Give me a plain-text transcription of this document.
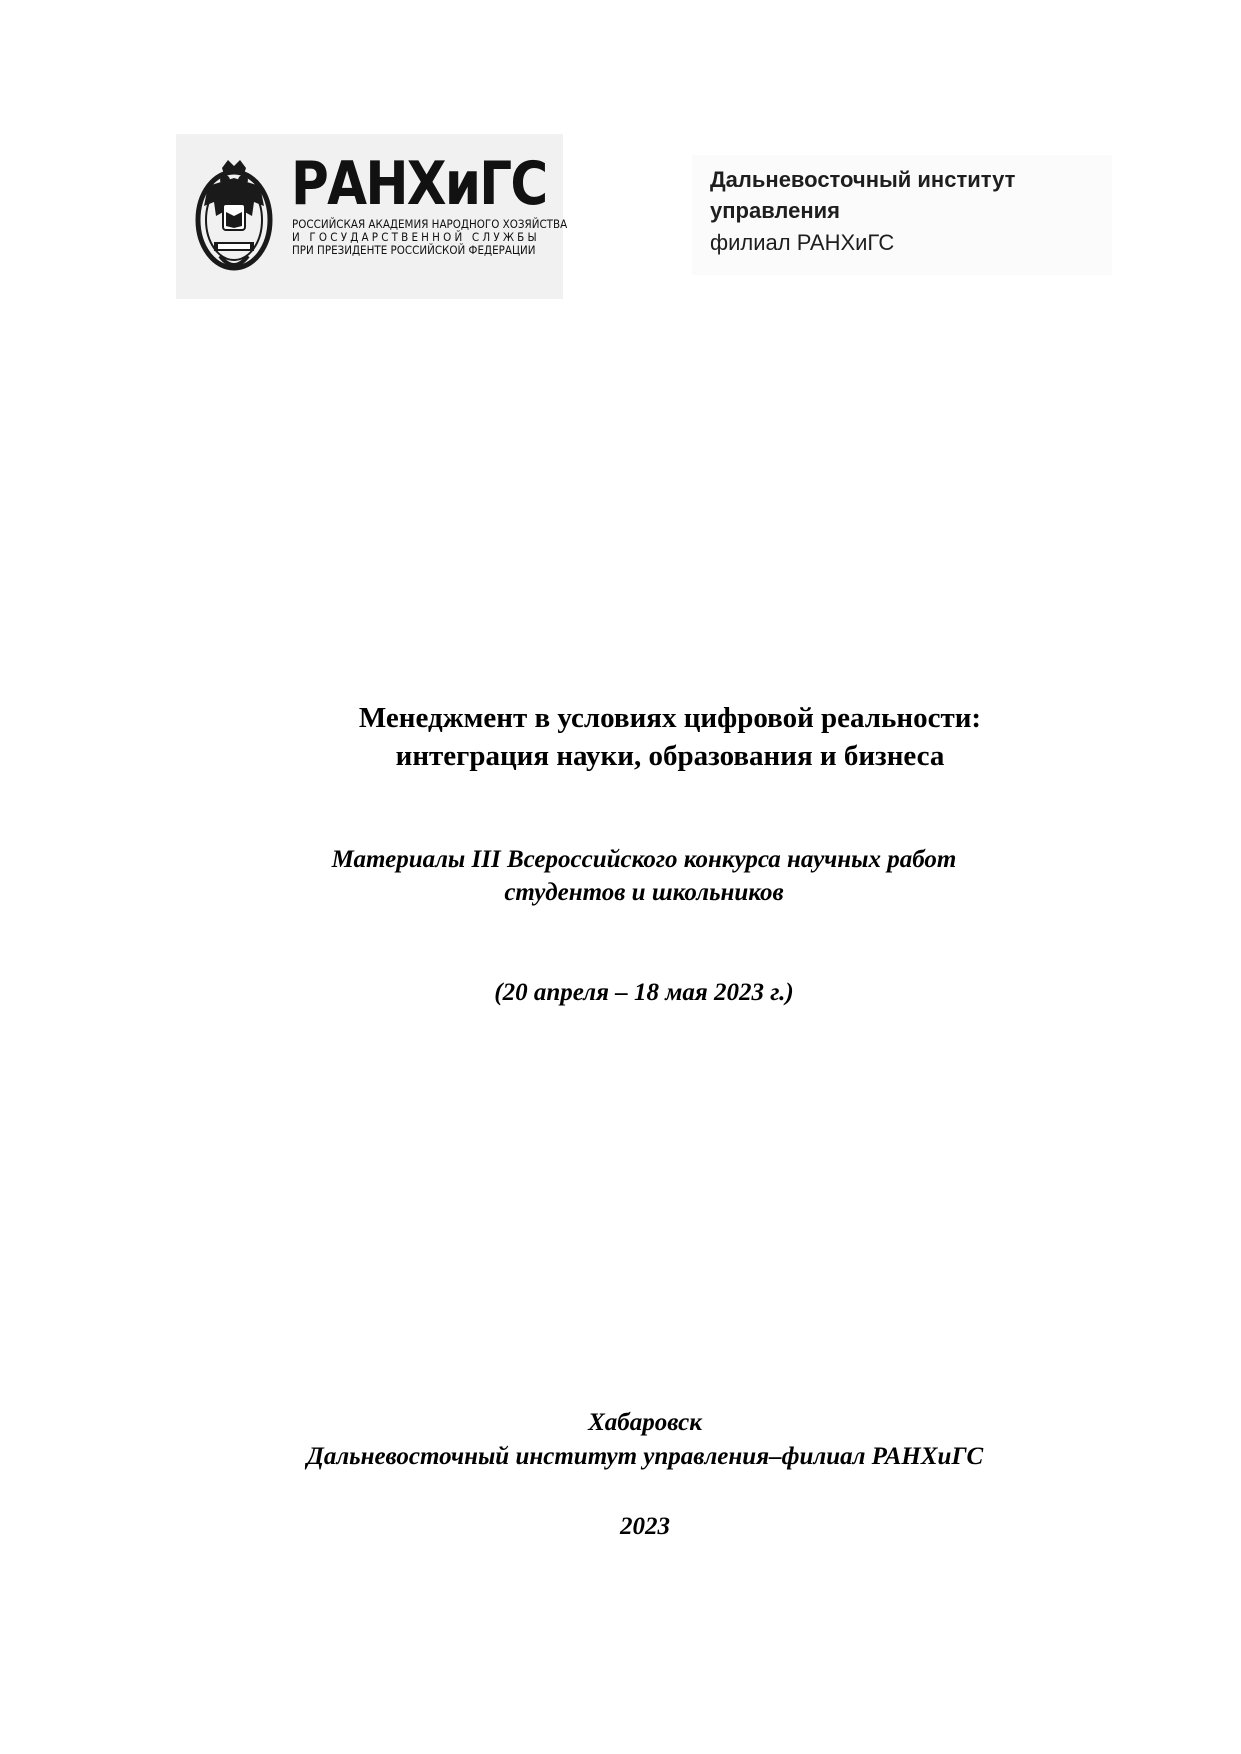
РАНХиГС
РОССИЙСКАЯ АКАДЕМИЯ НАРОДНОГО ХОЗЯЙСТВА
И ГОСУДАРСТВЕННОЙ СЛУЖБЫ
ПРИ ПРЕЗИДЕНТЕ РОССИЙСКОЙ ФЕДЕРАЦИИ
Дальневосточный институт
управления
филиал РАНХиГС
Менеджмент в условиях цифровой реальности:
интеграция науки, образования и бизнеса
Материалы III Всероссийского конкурса научных работ
студентов и школьников
(20 апреля – 18 мая 2023 г.)
Хабаровск
Дальневосточный институт управления–филиал РАНХиГС
2023
